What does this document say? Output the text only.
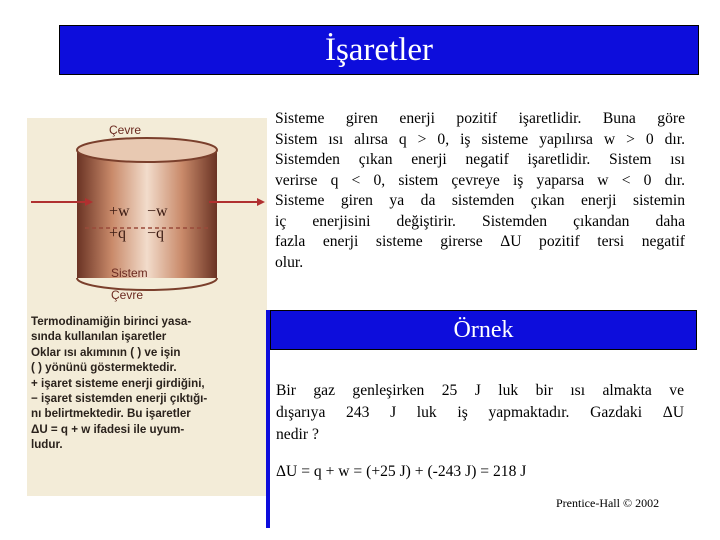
İşaretler
+w −w
+q −q
Çevre
Sistem
Çevre
Termodinamiğin birinci yasa-
sında kullanılan işaretler
Oklar ısı akımının ( ) ve işin
( ) yönünü göstermektedir.
+ işaret sisteme enerji girdiğini,
− işaret sistemden enerji çıktığı-
nı belirtmektedir. Bu işaretler
ΔU = q + w ifadesi ile uyum-
ludur.
Sisteme giren enerji pozitif işaretlidir. Buna göre
Sistem ısı alırsa q > 0, iş sisteme yapılırsa w > 0 dır.
Sistemden çıkan enerji negatif işaretlidir. Sistem ısı
verirse q < 0, sistem çevreye iş yaparsa w < 0 dır.
Sisteme giren ya da sistemden çıkan enerji sistemin
iç enerjisini değiştirir. Sistemden çıkandan daha
fazla enerji sisteme girerse ΔU pozitif tersi negatif
olur.
Örnek
Bir gaz genleşirken 25 J luk bir ısı almakta ve
dışarıya 243 J luk iş yapmaktadır. Gazdaki ΔU
nedir ?
ΔU = q + w = (+25 J) + (-243 J) = 218 J
Prentice-Hall © 2002
